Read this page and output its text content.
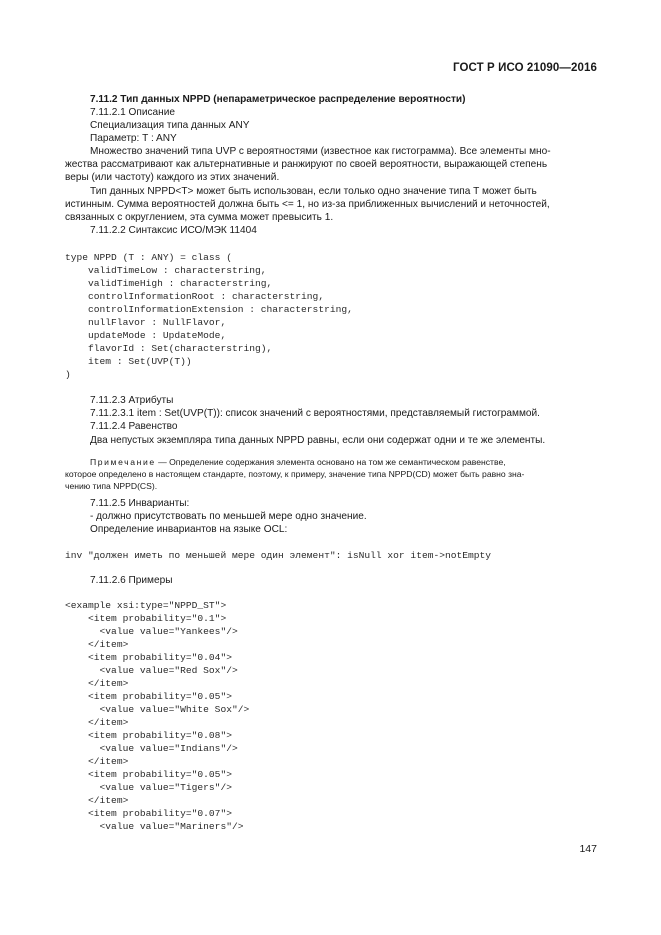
ГОСТ Р ИСО 21090—2016
7.11.2 Тип данных NPPD (непараметрическое распределение вероятности)
7.11.2.1 Описание
Специализация типа данных ANY
Параметр: T : ANY
Множество значений типа UVP с вероятностями (известное как гистограмма). Все элементы мно-
жества рассматривают как альтернативные и ранжируют по своей вероятности, выражающей степень
веры (или частоту) каждого из этих значений.
Тип данных NPPD<T> может быть использован, если только одно значение типа T может быть
истинным. Сумма вероятностей должна быть <= 1, но из-за приближенных вычислений и неточностей,
связанных с округлением, эта сумма может превысить 1.
7.11.2.2 Синтаксис ИСО/МЭК 11404
type NPPD (T : ANY) = class (
validTimeLow : characterstring,
validTimeHigh : characterstring,
controlInformationRoot : characterstring,
controlInformationExtension : characterstring,
nullFlavor : NullFlavor,
updateMode : UpdateMode,
flavorId : Set(characterstring),
item : Set(UVP(T))
)
7.11.2.3 Атрибуты
7.11.2.3.1 item : Set(UVP(T)): список значений с вероятностями, представляемый гистограммой.
7.11.2.4 Равенство
Два непустых экземпляра типа данных NPPD равны, если они содержат одни и те же элементы.
Примечание — Определение содержания элемента основано на том же семантическом равенстве,
которое определено в настоящем стандарте, поэтому, к примеру, значение типа NPPD(CD) может быть равно зна-
чению типа NPPD(CS).
7.11.2.5 Инварианты:
- должно присутствовать по меньшей мере одно значение.
Определение инвариантов на языке OCL:
inv "должен иметь по меньшей мере один элемент": isNull xor item->notEmpty
7.11.2.6 Примеры
<example xsi:type="NPPD_ST">
<item probability="0.1">
<value value="Yankees"/>
</item>
<item probability="0.04">
<value value="Red Sox"/>
</item>
<item probability="0.05">
<value value="White Sox"/>
</item>
<item probability="0.08">
<value value="Indians"/>
</item>
<item probability="0.05">
<value value="Tigers"/>
</item>
<item probability="0.07">
<value value="Mariners"/>
147
